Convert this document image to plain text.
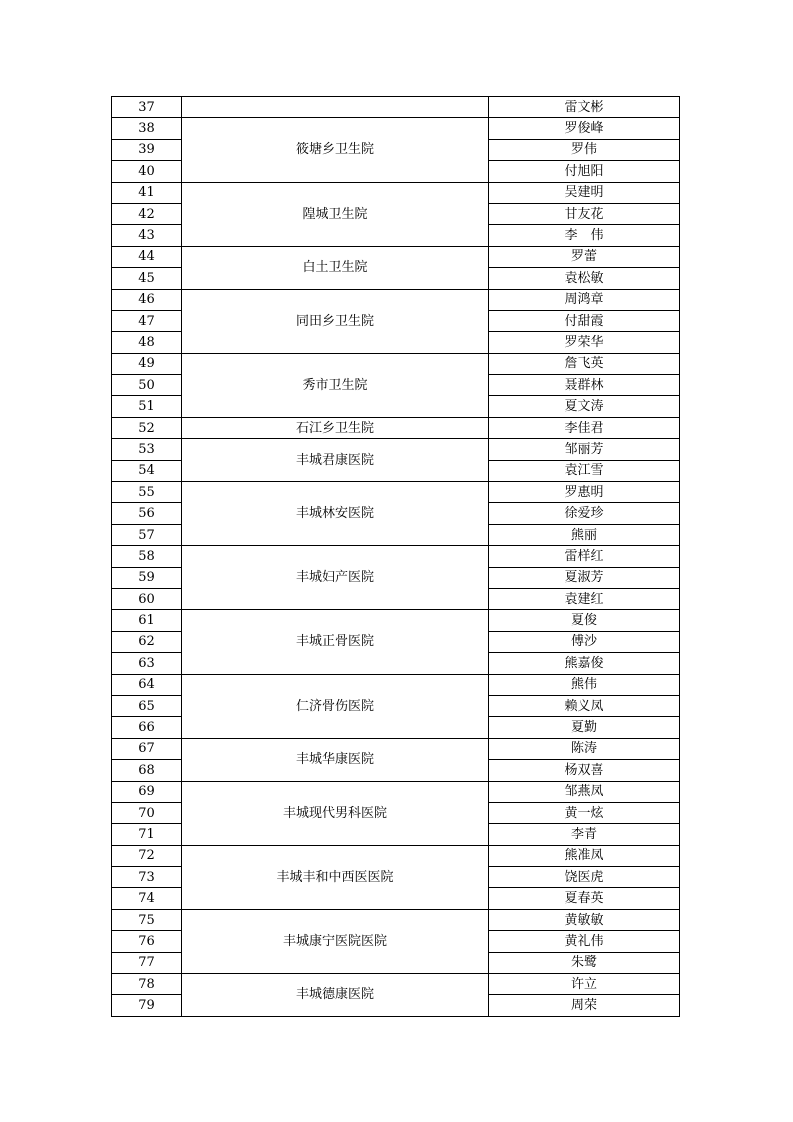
37		雷文彬
38	筱塘乡卫生院	罗俊峰
39		罗伟
40		付旭阳
41	隍城卫生院	吴建明
42		甘友花
43		李　伟
44	白土卫生院	罗蕾
45		袁松敏
46	同田乡卫生院	周鸿章
47		付甜霞
48		罗荣华
49	秀市卫生院	詹飞英
50		聂群林
51		夏文涛
52	石江乡卫生院	李佳君
53	丰城君康医院	邹丽芳
54		袁江雪
55	丰城林安医院	罗惠明
56		徐爱珍
57		熊丽
58	丰城妇产医院	雷样红
59		夏淑芳
60		袁建红
61	丰城正骨医院	夏俊
62		傅沙
63		熊嘉俊
64	仁济骨伤医院	熊伟
65		赖义凤
66		夏勤
67	丰城华康医院	陈涛
68		杨双喜
69	丰城现代男科医院	邹燕凤
70		黄一炫
71		李青
72	丰城丰和中西医医院	熊准凤
73		饶医虎
74		夏春英
75	丰城康宁医院医院	黄敏敏
76		黄礼伟
77		朱鹭
78	丰城德康医院	许立
79		周荣
